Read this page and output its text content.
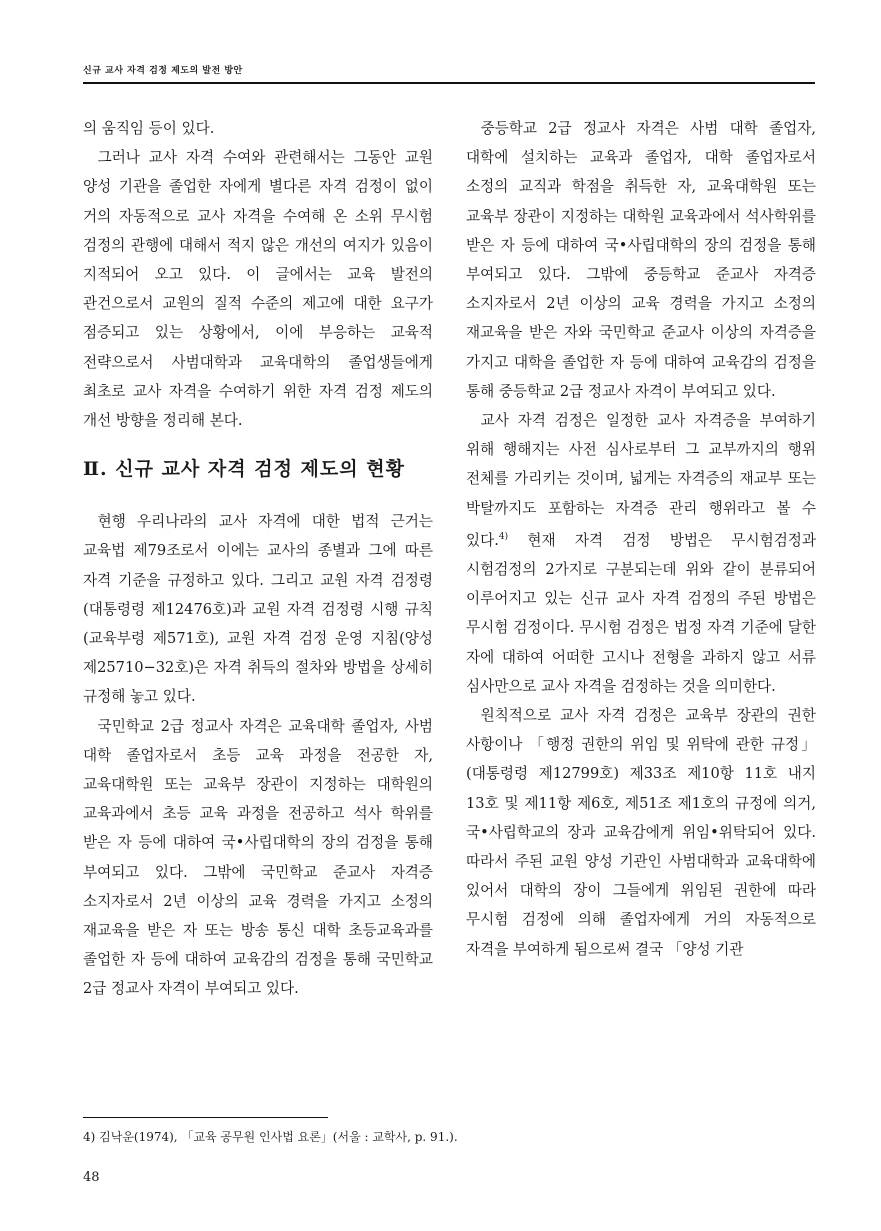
신규 교사 자격 검정 제도의 발전 방안

의 움직임 등이 있다.

그러나 교사 자격 수여와 관련해서는 그동안 교원 양성 기관을 졸업한 자에게 별다른 자격 검정이 없이 거의 자동적으로 교사 자격을 수여해 온 소위 무시험 검정의 관행에 대해서 적지 않은 개선의 여지가 있음이 지적되어 오고 있다. 이 글에서는 교육 발전의 관건으로서 교원의 질적 수준의 제고에 대한 요구가 점증되고 있는 상황에서, 이에 부응하는 교육적 전략으로서 사범대학과 교육대학의 졸업생들에게 최초로 교사 자격을 수여하기 위한 자격 검정 제도의 개선 방향을 정리해 본다.

Ⅱ. 신규 교사 자격 검정 제도의 현황

현행 우리나라의 교사 자격에 대한 법적 근거는 교육법 제79조로서 이에는 교사의 종별과 그에 따른 자격 기준을 규정하고 있다. 그리고 교원 자격 검정령(대통령령 제12476호)과 교원 자격 검정령 시행 규칙(교육부령 제571호), 교원 자격 검정 운영 지침(양성 제25710−32호)은 자격 취득의 절차와 방법을 상세히 규정해 놓고 있다.

국민학교 2급 정교사 자격은 교육대학 졸업자, 사범 대학 졸업자로서 초등 교육 과정을 전공한 자, 교육대학원 또는 교육부 장관이 지정하는 대학원의 교육과에서 초등 교육 과정을 전공하고 석사 학위를 받은 자 등에 대하여 국•사립대학의 장의 검정을 통해 부여되고 있다. 그밖에 국민학교 준교사 자격증 소지자로서 2년 이상의 교육 경력을 가지고 소정의 재교육을 받은 자 또는 방송 통신 대학 초등교육과를 졸업한 자 등에 대하여 교육감의 검정을 통해 국민학교 2급 정교사 자격이 부여되고 있다.

중등학교 2급 정교사 자격은 사범 대학 졸업자, 대학에 설치하는 교육과 졸업자, 대학 졸업자로서 소정의 교직과 학점을 취득한 자, 교육대학원 또는 교육부 장관이 지정하는 대학원 교육과에서 석사학위를 받은 자 등에 대하여 국•사립대학의 장의 검정을 통해 부여되고 있다. 그밖에 중등학교 준교사 자격증 소지자로서 2년 이상의 교육 경력을 가지고 소정의 재교육을 받은 자와 국민학교 준교사 이상의 자격증을 가지고 대학을 졸업한 자 등에 대하여 교육감의 검정을 통해 중등학교 2급 정교사 자격이 부여되고 있다.

교사 자격 검정은 일정한 교사 자격증을 부여하기 위해 행해지는 사전 심사로부터 그 교부까지의 행위 전체를 가리키는 것이며, 넓게는 자격증의 재교부 또는 박탈까지도 포함하는 자격증 관리 행위라고 볼 수 있다.$^{4)}$ 현재 자격 검정 방법은 무시험검정과 시험검정의 2가지로 구분되는데 위와 같이 분류되어 이루어지고 있는 신규 교사 자격 검정의 주된 방법은 무시험 검정이다. 무시험 검정은 법정 자격 기준에 달한 자에 대하여 어떠한 고시나 전형을 과하지 않고 서류 심사만으로 교사 자격을 검정하는 것을 의미한다.

원칙적으로 교사 자격 검정은 교육부 장관의 권한 사항이나 「행정 권한의 위임 및 위탁에 관한 규정」(대통령령 제12799호) 제33조 제10항 11호 내지 13호 및 제11항 제6호, 제51조 제1호의 규정에 의거, 국•사립학교의 장과 교육감에게 위임•위탁되어 있다. 따라서 주된 교원 양성 기관인 사범대학과 교육대학에 있어서 대학의 장이 그들에게 위임된 권한에 따라 무시험 검정에 의해 졸업자에게 거의 자동적으로 자격을 부여하게 됨으로써 결국 「양성 기관

4) 김낙운(1974), 「교육 공무원 인사법 요론」(서울 : 교학사, p. 91.).
48
